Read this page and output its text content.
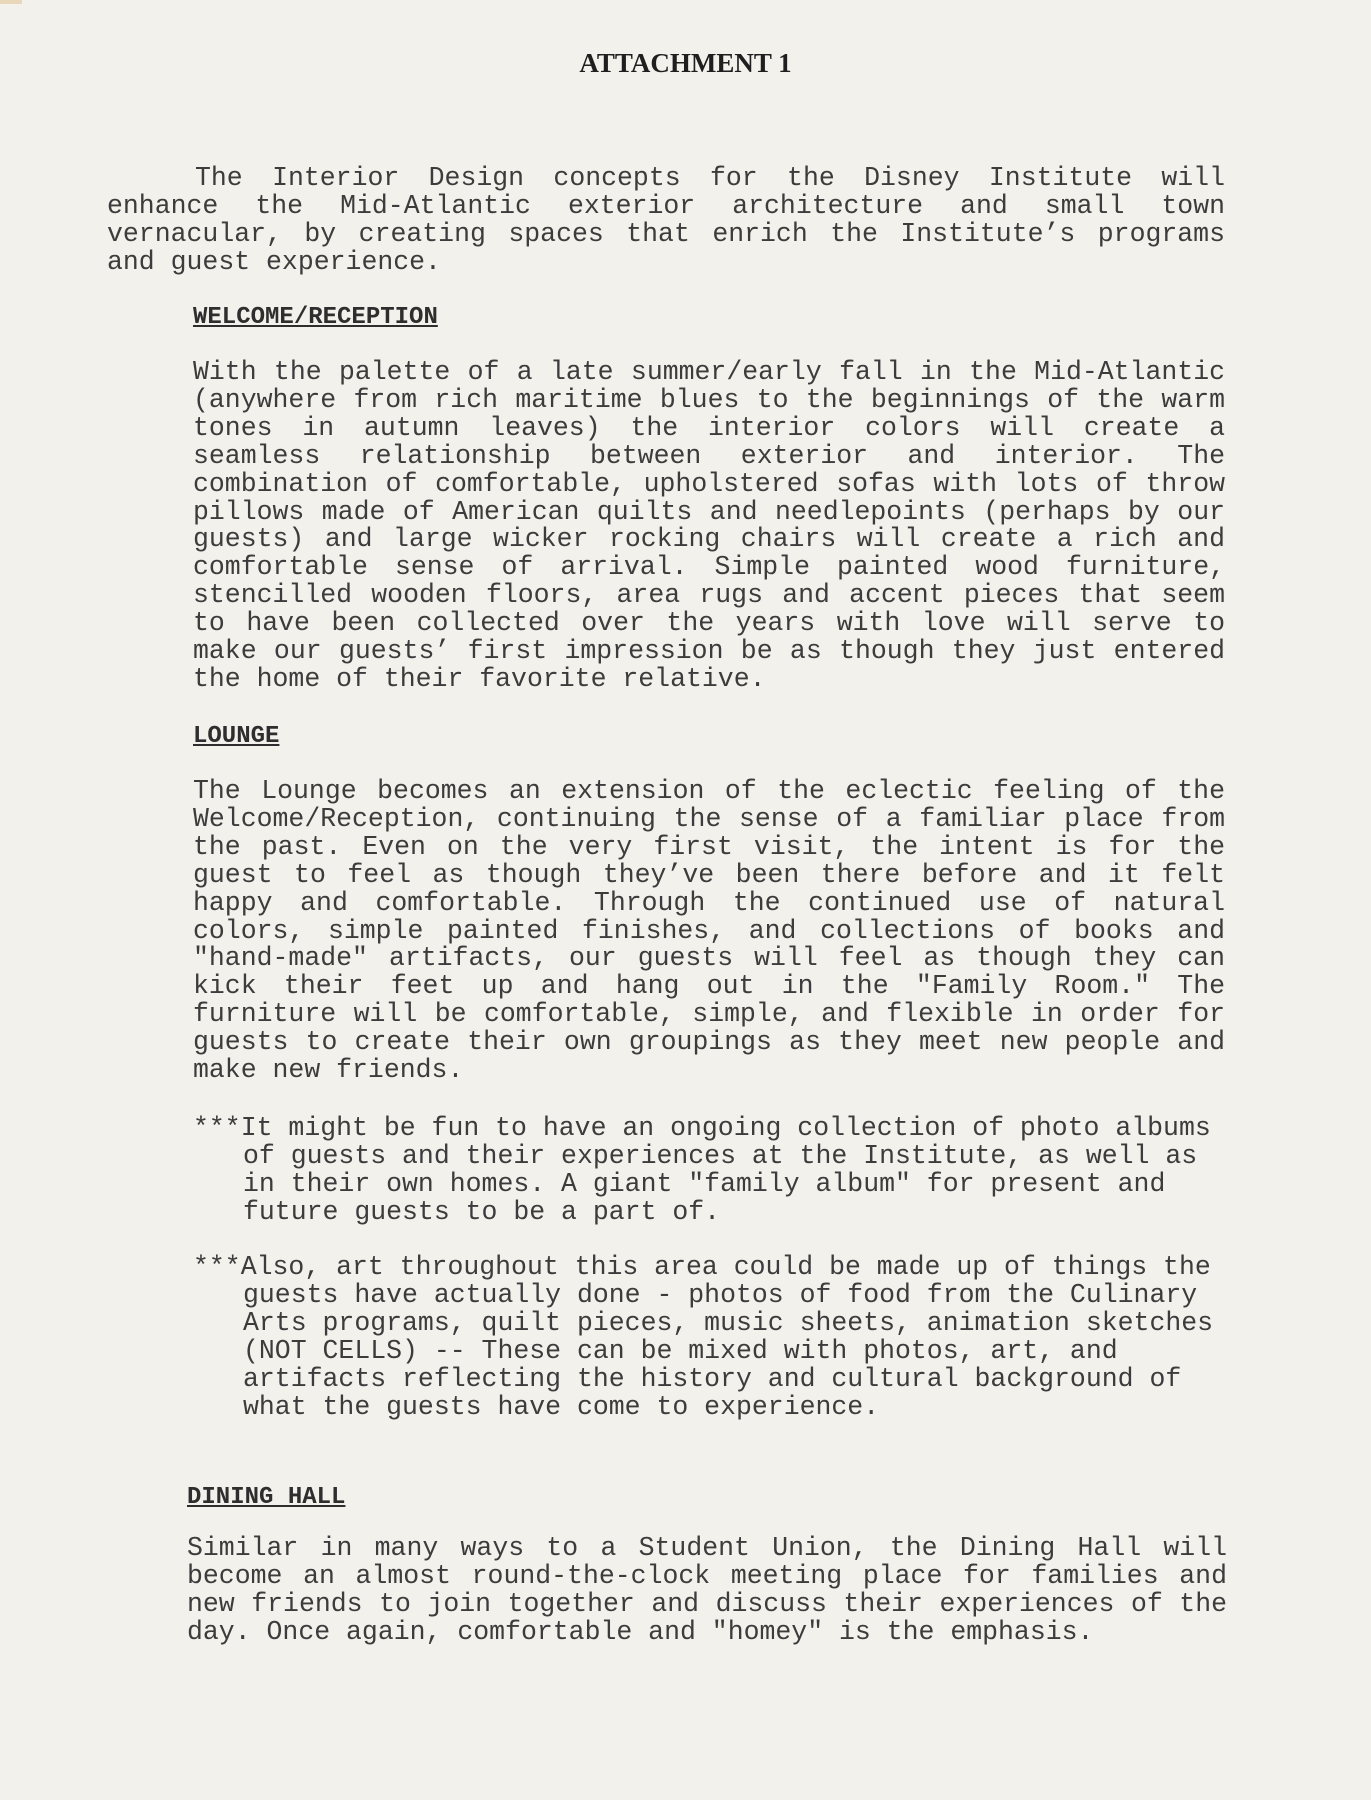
ATTACHMENT 1

The Interior Design concepts for the Disney Institute will enhance the Mid-Atlantic exterior architecture and small town vernacular, by creating spaces that enrich the Institute’s programs and guest experience.

WELCOME/RECEPTION

With the palette of a late summer/early fall in the Mid-Atlantic (anywhere from rich maritime blues to the beginnings of the warm tones in autumn leaves) the interior colors will create a seamless relationship between exterior and interior. The combination of comfortable, upholstered sofas with lots of throw pillows made of American quilts and needlepoints (perhaps by our guests) and large wicker rocking chairs will create a rich and comfortable sense of arrival. Simple painted wood furniture, stencilled wooden floors, area rugs and accent pieces that seem to have been collected over the years with love will serve to make our guests’ first impression be as though they just entered the home of their favorite relative.

LOUNGE

The Lounge becomes an extension of the eclectic feeling of the Welcome/Reception, continuing the sense of a familiar place from the past. Even on the very first visit, the intent is for the guest to feel as though they’ve been there before and it felt happy and comfortable. Through the continued use of natural colors, simple painted finishes, and collections of books and "hand-made" artifacts, our guests will feel as though they can kick their feet up and hang out in the "Family Room." The furniture will be comfortable, simple, and flexible in order for guests to create their own groupings as they meet new people and make new friends.

***It might be fun to have an ongoing collection of photo albums of guests and their experiences at the Institute, as well as in their own homes. A giant "family album" for present and future guests to be a part of.

***Also, art throughout this area could be made up of things the guests have actually done - photos of food from the Culinary Arts programs, quilt pieces, music sheets, animation sketches (NOT CELLS) -- These can be mixed with photos, art, and artifacts reflecting the history and cultural background of what the guests have come to experience.

DINING HALL

Similar in many ways to a Student Union, the Dining Hall will become an almost round-the-clock meeting place for families and new friends to join together and discuss their experiences of the day. Once again, comfortable and "homey" is the emphasis.
